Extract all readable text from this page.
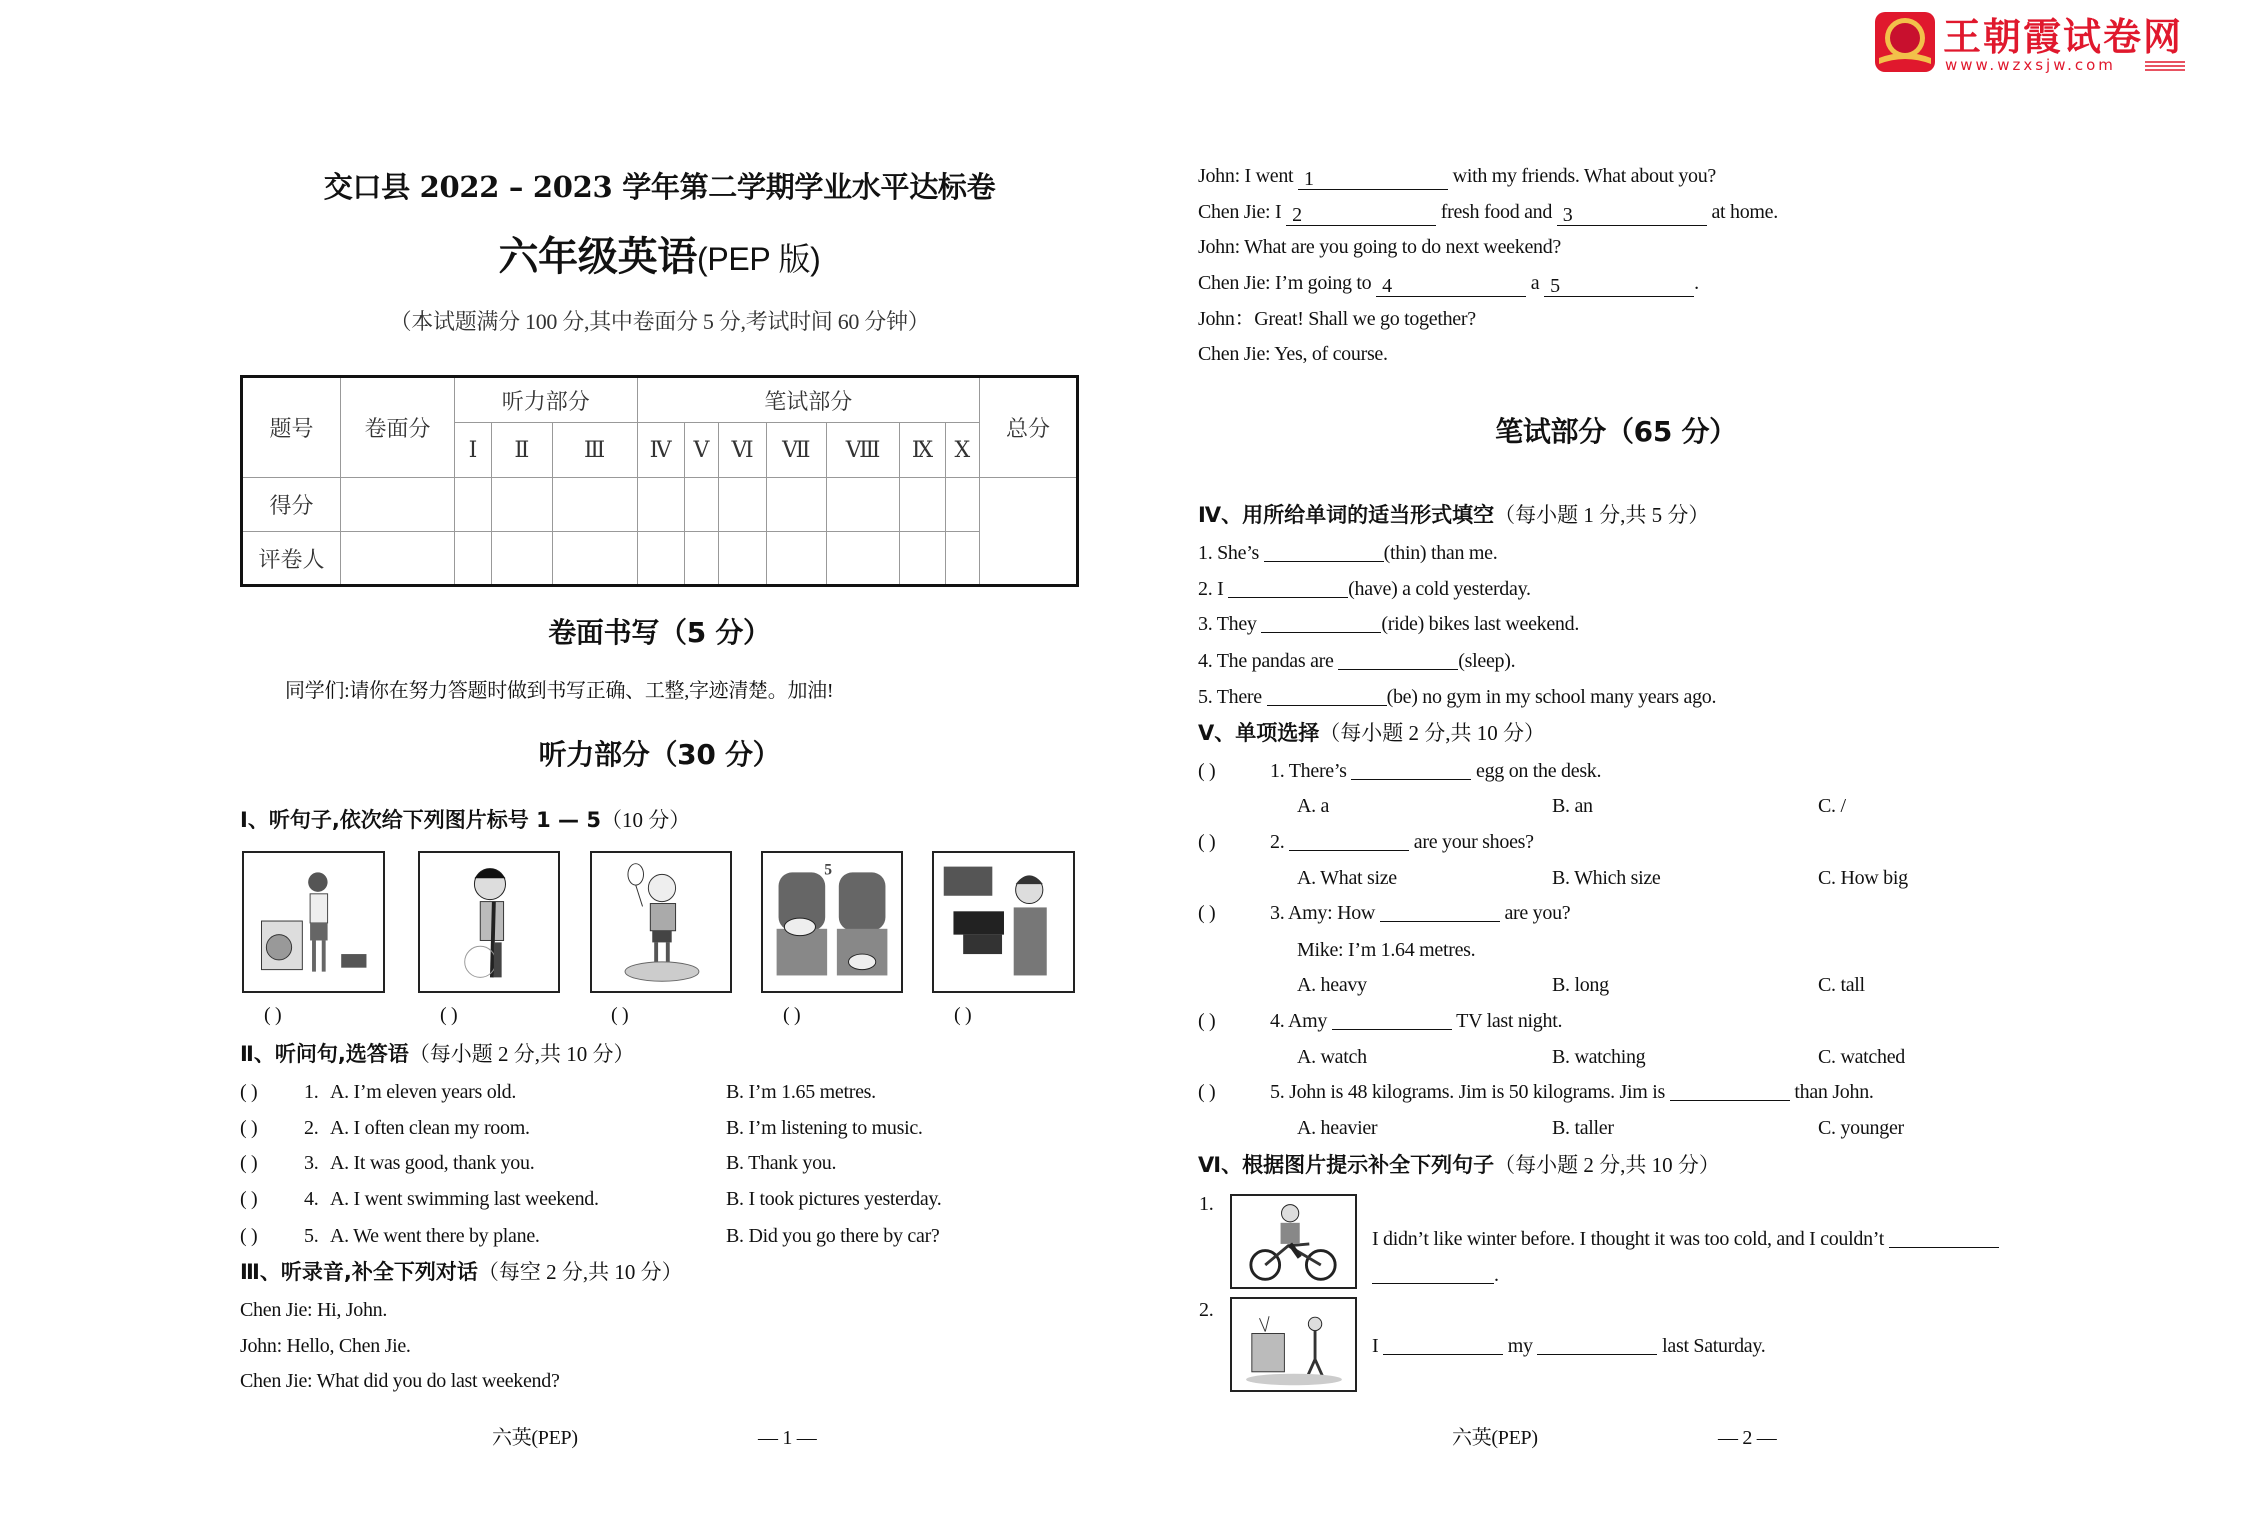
王朝霞试卷网
www.wzxsjw.com
交口县 2022 – 2023 学年第二学期学业水平达标卷
六年级英语(PEP 版)
（本试题满分 100 分,其中卷面分 5 分,考试时间 60 分钟）
题号	卷面分	听力部分			笔试部分							总分
		Ⅰ	Ⅱ	Ⅲ	Ⅳ	Ⅴ	Ⅵ	Ⅶ	Ⅷ	Ⅸ	Ⅹ	
得分												
评卷人												
卷面书写（5 分）
同学们:请你在努力答题时做到书写正确、工整,字迹清楚。加油!
听力部分（30 分）
Ⅰ、听句子,依次给下列图片标号 1 — 5（10 分）
5
( )	( )	( )	( )	( )
Ⅱ、听问句,选答语（每小题 2 分,共 10 分）
( ) 1. A. I’m eleven years old.	B. I’m 1.65 metres.
( ) 2. A. I often clean my room.	B. I’m listening to music.
( ) 3. A. It was good, thank you.	B. Thank you.
( ) 4. A. I went swimming last weekend.	B. I took pictures yesterday.
( ) 5. A. We went there by plane.	B. Did you go there by car?
Ⅲ、听录音,补全下列对话（每空 2 分,共 10 分）
Chen Jie: Hi, John.
John: Hello, Chen Jie.
Chen Jie: What did you do last weekend?
六英(PEP)	— 1 —
John: I went 1	with my friends. What about you?
Chen Jie: I 2	fresh food and 3	at home.
John: What are you going to do next weekend?
Chen Jie: I’m going to 4	a 5	.
John：Great! Shall we go together?
Chen Jie: Yes, of course.
笔试部分（65 分）
Ⅳ、用所给单词的适当形式填空（每小题 1 分,共 5 分）
1. She’s	(thin) than me.
2. I	(have) a cold yesterday.
3. They	(ride) bikes last weekend.
4. The pandas are	(sleep).
5. There	(be) no gym in my school many years ago.
Ⅴ、单项选择（每小题 2 分,共 10 分）
( )	1. There’s	egg on the desk.
A. a	B. an	C. /
( )	2.	are your shoes?
A. What size	B. Which size	C. How big
( )	3. Amy: How	are you?
Mike: I’m 1.64 metres.
A. heavy	B. long	C. tall
( )	4. Amy	TV last night.
A. watch	B. watching	C. watched
( )	5. John is 48 kilograms. Jim is 50 kilograms. Jim is	than John.
A. heavier	B. taller	C. younger
Ⅵ、根据图片提示补全下列句子（每小题 2 分,共 10 分）
1.
I didn’t like winter before. I thought it was too cold, and I couldn’t
.
2.
I	my	last Saturday.
六英(PEP)	— 2 —
